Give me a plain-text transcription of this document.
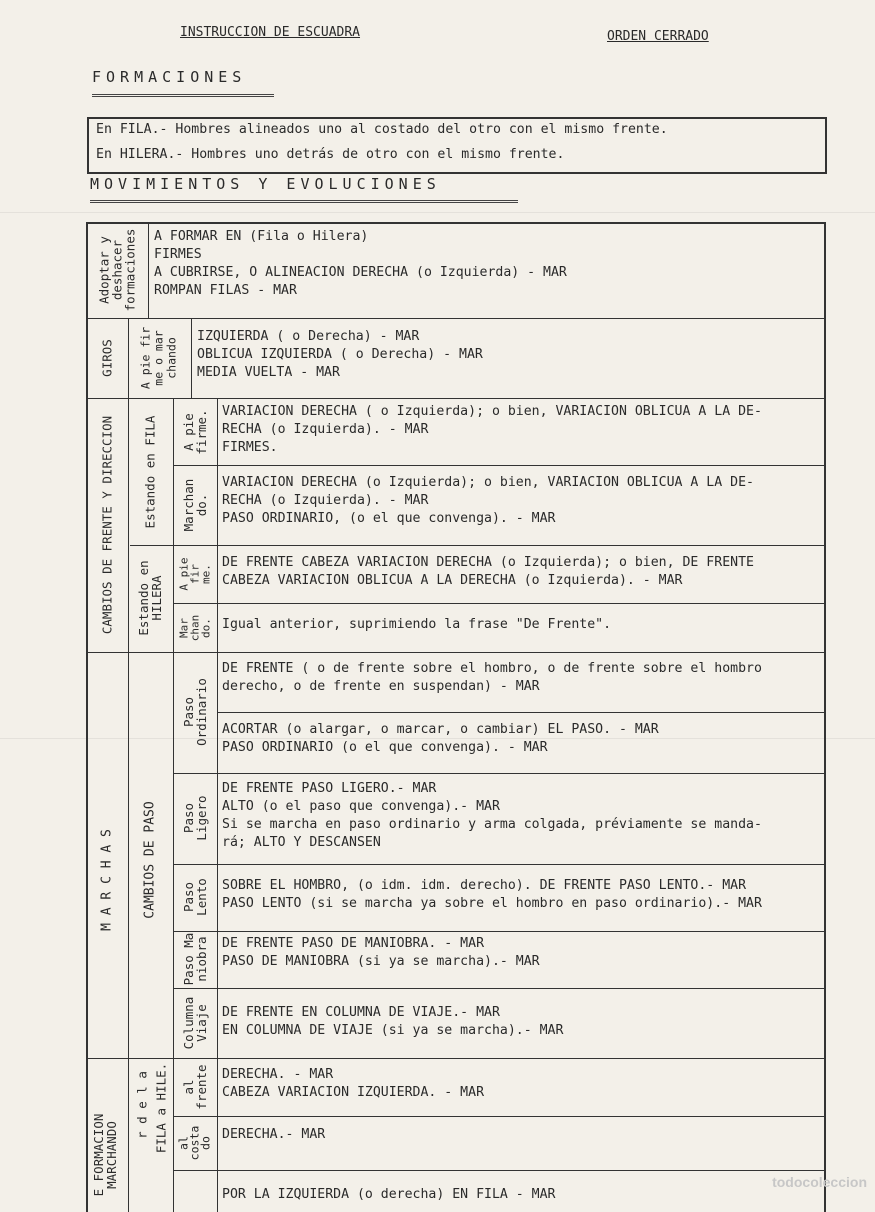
INSTRUCCION DE ESCUADRA	ORDEN CERRADO
FORMACIONES
En FILA.- Hombres alineados uno al costado del otro con el mismo frente.
En HILERA.- Hombres uno detrás de otro con el mismo frente.
MOVIMIENTOS Y EVOLUCIONES
Adoptar y
deshacer
formaciones
GIROS A pie fir me o mar chando
CAMBIOS DE FRENTE Y DIRECCION Estando en FILA
Estando en
HILERA
A pie
firme.
Marchan
do.
A pie
fir
me.
Mar
chan
do.
M A R C H A S CAMBIOS DE PASO
Paso
Ordinario
Paso
Ligero
Paso
Lento
Paso Ma
niobra
Columna
Viaje
E FORMACION
MARCHANDO
r d e l a FILA a HILE. al
frente
al
costa
do
A FORMAR EN (Fila o Hilera)
FIRMES
A CUBRIRSE, O ALINEACION DERECHA (o Izquierda) - MAR
ROMPAN FILAS - MAR
IZQUIERDA ( o Derecha) - MAR
OBLICUA IZQUIERDA ( o Derecha) - MAR
MEDIA VUELTA - MAR
VARIACION DERECHA ( o Izquierda); o bien, VARIACION OBLICUA A LA DE-
RECHA (o Izquierda). - MAR
FIRMES.
VARIACION DERECHA (o Izquierda); o bien, VARIACION OBLICUA A LA DE-
RECHA (o Izquierda). - MAR
PASO ORDINARIO, (o el que convenga). - MAR
DE FRENTE CABEZA VARIACION DERECHA (o Izquierda); o bien, DE FRENTE
CABEZA VARIACION OBLICUA A LA DERECHA (o Izquierda). - MAR
Igual anterior, suprimiendo la frase "De Frente".
DE FRENTE ( o de frente sobre el hombro, o de frente sobre el hombro
derecho, o de frente en suspendan) - MAR
ACORTAR (o alargar, o marcar, o cambiar) EL PASO. - MAR
PASO ORDINARIO (o el que convenga). - MAR
DE FRENTE PASO LIGERO.- MAR
ALTO (o el paso que convenga).- MAR
Si se marcha en paso ordinario y arma colgada, préviamente se manda-
rá; ALTO Y DESCANSEN
SOBRE EL HOMBRO, (o idm. idm. derecho). DE FRENTE PASO LENTO.- MAR
PASO LENTO (si se marcha ya sobre el hombro en paso ordinario).- MAR
DE FRENTE PASO DE MANIOBRA. - MAR
PASO DE MANIOBRA (si ya se marcha).- MAR
DE FRENTE EN COLUMNA DE VIAJE.- MAR
EN COLUMNA DE VIAJE (si ya se marcha).- MAR
DERECHA. - MAR
CABEZA VARIACION IZQUIERDA. - MAR
DERECHA.- MAR
POR LA IZQUIERDA (o derecha) EN FILA - MAR
todocoleccion
